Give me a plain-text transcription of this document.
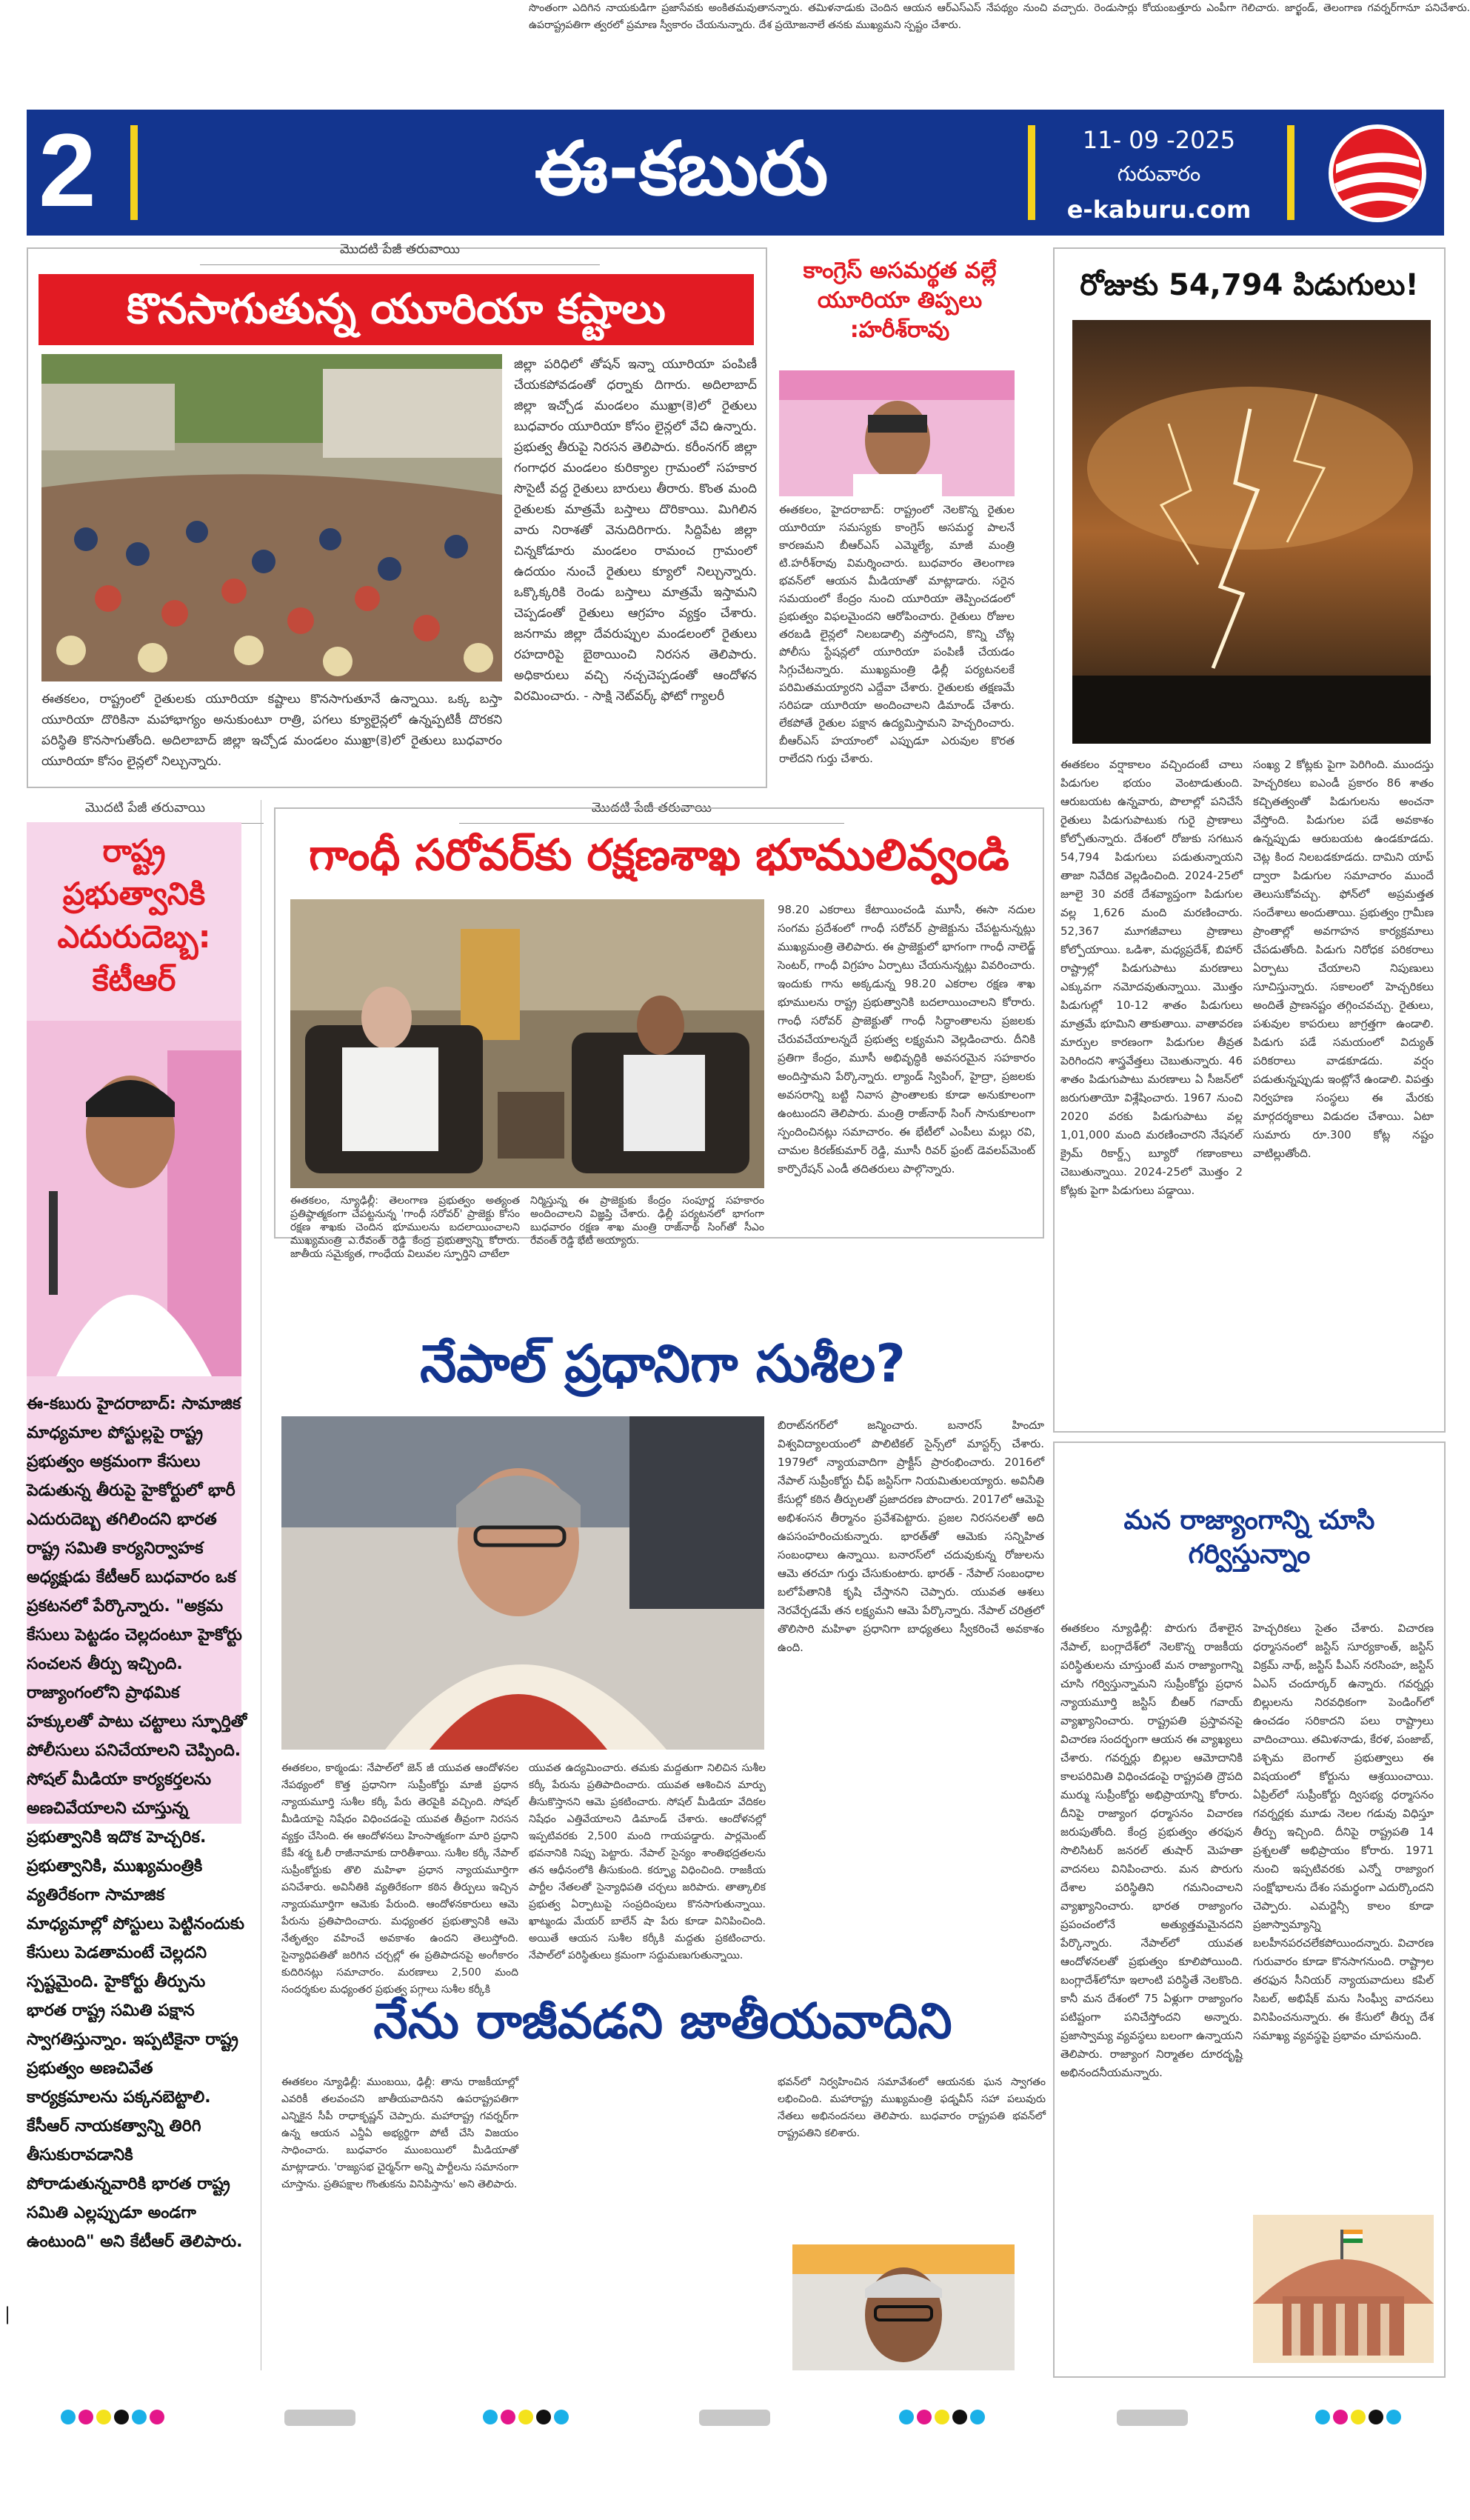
2	ఈ-కబురు	11- 09 -2025
గురువారం
e-kaburu.com
మొదటి పేజీ తరువాయి
కొనసాగుతున్న యూరియా కష్టాలు
ఈతకలం, రాష్ట్రంలో రైతులకు యూరియా కష్టాలు కొనసాగుతూనే ఉన్నాయి. ఒక్క బస్తా యూరియా దొరికినా మహాభాగ్యం అనుకుంటూ రాత్రి, పగలు క్యూలైన్లలో ఉన్నప్పటికీ దొరకని పరిస్థితి కొనసాగుతోంది. అదిలాబాద్ జిల్లా ఇచ్చోడ మండలం ముఖ్రా(కె)లో రైతులు బుధవారం యూరియా కోసం లైన్లలో నిల్చున్నారు.
జిల్లా పరిధిలో తోషన్ ఇన్నా యూరియా పంపిణీ చేయకపోవడంతో ధర్నాకు దిగారు. అదిలాబాద్ జిల్లా ఇచ్చోడ మండలం ముఖ్రా(కె)లో రైతులు బుధవారం యూరియా కోసం లైన్లలో వేచి ఉన్నారు. ప్రభుత్వ తీరుపై నిరసన తెలిపారు. కరీంనగర్ జిల్లా గంగాధర మండలం కురిక్యాల గ్రామంలో సహకార సొసైటీ వద్ద రైతులు బారులు తీరారు. కొంత మంది రైతులకు మాత్రమే బస్తాలు దొరికాయి. మిగిలిన వారు నిరాశతో వెనుదిరిగారు. సిద్దిపేట జిల్లా చిన్నకోడూరు మండలం రామంచ గ్రామంలో ఉదయం నుంచే రైతులు క్యూలో నిల్చున్నారు. ఒక్కొక్కరికి రెండు బస్తాలు మాత్రమే ఇస్తామని చెప్పడంతో రైతులు ఆగ్రహం వ్యక్తం చేశారు. జనగామ జిల్లా దేవరుప్పుల మండలంలో రైతులు రహదారిపై బైఠాయించి నిరసన తెలిపారు. అధికారులు వచ్చి నచ్చచెప్పడంతో ఆందోళన విరమించారు. - సాక్షి నెట్‌వర్క్ ఫోటో గ్యాలరీ
కాంగ్రెస్ అసమర్థత వల్లే యూరియా తిప్పలు :హరీశ్‌రావు
ఈతకలం, హైదరాబాద్: రాష్ట్రంలో నెలకొన్న రైతుల యూరియా సమస్యకు కాంగ్రెస్ అసమర్థ పాలనే కారణమని బీఆర్‌ఎస్ ఎమ్మెల్యే, మాజీ మంత్రి టి.హరీశ్‌రావు విమర్శించారు. బుధవారం తెలంగాణ భవన్‌లో ఆయన మీడియాతో మాట్లాడారు. సరైన సమయంలో కేంద్రం నుంచి యూరియా తెప్పించడంలో ప్రభుత్వం విఫలమైందని ఆరోపించారు. రైతులు రోజుల తరబడి లైన్లలో నిలబడాల్సి వస్తోందని, కొన్ని చోట్ల పోలీసు స్టేషన్లలో యూరియా పంపిణీ చేయడం సిగ్గుచేటన్నారు. ముఖ్యమంత్రి ఢిల్లీ పర్యటనలకే పరిమితమయ్యారని ఎద్దేవా చేశారు. రైతులకు తక్షణమే సరిపడా యూరియా అందించాలని డిమాండ్ చేశారు. లేకపోతే రైతుల పక్షాన ఉద్యమిస్తామని హెచ్చరించారు. బీఆర్‌ఎస్ హయాంలో ఎప్పుడూ ఎరువుల కొరత రాలేదని గుర్తు చేశారు.
రోజుకు 54,794 పిడుగులు!
ఈతకలం వర్షాకాలం వచ్చిందంటే చాలు పిడుగుల భయం వెంటాడుతుంది. ఆరుబయట ఉన్నవారు, పొలాల్లో పనిచేసే రైతులు పిడుగుపాటుకు గురై ప్రాణాలు కోల్పోతున్నారు. దేశంలో రోజుకు సగటున 54,794 పిడుగులు పడుతున్నాయని తాజా నివేదిక వెల్లడించింది. 2024-25లో జూలై 30 వరకే దేశవ్యాప్తంగా పిడుగుల వల్ల 1,626 మంది మరణించారు. 52,367 మూగజీవాలు ప్రాణాలు కోల్పోయాయి. ఒడిశా, మధ్యప్రదేశ్, బిహార్ రాష్ట్రాల్లో పిడుగుపాటు మరణాలు ఎక్కువగా నమోదవుతున్నాయి. మొత్తం పిడుగుల్లో 10-12 శాతం పిడుగులు మాత్రమే భూమిని తాకుతాయి. వాతావరణ మార్పుల కారణంగా పిడుగుల తీవ్రత పెరిగిందని శాస్త్రవేత్తలు చెబుతున్నారు. 46 శాతం పిడుగుపాటు మరణాలు ఏ సీజన్‌లో జరుగుతాయో విశ్లేషించారు. 1967 నుంచి 2020 వరకు పిడుగుపాటు వల్ల 1,01,000 మంది మరణించారని నేషనల్ క్రైమ్ రికార్డ్స్ బ్యూరో గణాంకాలు చెబుతున్నాయి. 2024-25లో మొత్తం 2 కోట్లకు పైగా పిడుగులు పడ్డాయి.
సంఖ్య 2 కోట్లకు పైగా పెరిగింది. ముందస్తు హెచ్చరికలు ఐఎండీ ప్రకారం 86 శాతం కచ్చితత్వంతో పిడుగులను అంచనా వేస్తోంది. పిడుగుల పడే అవకాశం ఉన్నప్పుడు ఆరుబయట ఉండకూడదు. చెట్ల కింద నిలబడకూడదు. దామిని యాప్ ద్వారా పిడుగుల సమాచారం ముందే తెలుసుకోవచ్చు. ఫోన్‌లో అప్రమత్తత సందేశాలు అందుతాయి. ప్రభుత్వం గ్రామీణ ప్రాంతాల్లో అవగాహన కార్యక్రమాలు చేపడుతోంది. పిడుగు నిరోధక పరికరాలు ఏర్పాటు చేయాలని నిపుణులు సూచిస్తున్నారు. సకాలంలో హెచ్చరికలు అందితే ప్రాణనష్టం తగ్గించవచ్చు. రైతులు, పశువుల కాపరులు జాగ్రత్తగా ఉండాలి. పిడుగు పడే సమయంలో విద్యుత్ పరికరాలు వాడకూడదు. వర్షం పడుతున్నప్పుడు ఇంట్లోనే ఉండాలి. విపత్తు నిర్వహణ సంస్థలు ఈ మేరకు మార్గదర్శకాలు విడుదల చేశాయి. ఏటా సుమారు రూ.300 కోట్ల నష్టం వాటిల్లుతోంది.
మొదటి పేజీ తరువాయి
రాష్ట్ర ప్రభుత్వానికి ఎదురుదెబ్బ: కేటీఆర్
ఈ-కబురు హైదరాబాద్: సామాజిక మాధ్యమాల పోస్టుల్లపై రాష్ట్ర ప్రభుత్వం అక్రమంగా కేసులు పెడుతున్న తీరుపై హైకోర్టులో భారీ ఎదురుదెబ్బ తగిలిందని భారత రాష్ట్ర సమితి కార్యనిర్వాహక అధ్యక్షుడు కేటీఆర్ బుధవారం ఒక ప్రకటనలో పేర్కొన్నారు. "అక్రమ కేసులు పెట్టడం చెల్లదంటూ హైకోర్టు సంచలన తీర్పు ఇచ్చింది. రాజ్యాంగంలోని ప్రాథమిక హక్కులతో పాటు చట్టాలు స్ఫూర్తితో పోలీసులు పనిచేయాలని చెప్పింది. సోషల్ మీడియా కార్యకర్తలను అణచివేయాలని చూస్తున్న ప్రభుత్వానికి ఇదొక హెచ్చరిక. ప్రభుత్వానికి, ముఖ్యమంత్రికి వ్యతిరేకంగా సామాజిక మాధ్యమాల్లో పోస్టులు పెట్టినందుకు కేసులు పెడతామంటే చెల్లదని స్పష్టమైంది. హైకోర్టు తీర్పును భారత రాష్ట్ర సమితి పక్షాన స్వాగతిస్తున్నాం. ఇప్పటికైనా రాష్ట్ర ప్రభుత్వం అణచివేత కార్యక్రమాలను పక్కనబెట్టాలి. కేసీఆర్ నాయకత్వాన్ని తిరిగి తీసుకురావడానికి పోరాడుతున్నవారికి భారత రాష్ట్ర సమితి ఎల్లప్పుడూ అండగా ఉంటుంది" అని కేటీఆర్ తెలిపారు.
మొదటి పేజీ తరువాయి
గాంధీ సరోవర్‌కు రక్షణశాఖ భూములివ్వండి
98.20 ఎకరాలు కేటాయించండి మూసీ, ఈసా నదుల సంగమ ప్రదేశంలో గాంధీ సరోవర్ ప్రాజెక్టును చేపట్టనున్నట్లు ముఖ్యమంత్రి తెలిపారు. ఈ ప్రాజెక్టులో భాగంగా గాంధీ నాలెడ్జ్ సెంటర్, గాంధీ విగ్రహం ఏర్పాటు చేయనున్నట్లు వివరించారు. ఇందుకు గాను అక్కడున్న 98.20 ఎకరాల రక్షణ శాఖ భూములను రాష్ట్ర ప్రభుత్వానికి బదలాయించాలని కోరారు. గాంధీ సరోవర్ ప్రాజెక్టుతో గాంధీ సిద్ధాంతాలను ప్రజలకు చేరువచేయాలన్నదే ప్రభుత్వ లక్ష్యమని వెల్లడించారు. దీనికి ప్రతిగా కేంద్రం, మూసీ అభివృద్ధికి అవసరమైన సహకారం అందిస్తామని పేర్కొన్నారు. ల్యాండ్ స్విపింగ్, హైద్రా, ప్రజలకు అవసరాన్ని బట్టి నివాస ప్రాంతాలకు కూడా అనుకూలంగా ఉంటుందని తెలిపారు. మంత్రి రాజ్‌నాథ్ సింగ్ సానుకూలంగా స్పందించినట్లు సమాచారం. ఈ భేటీలో ఎంపీలు మల్లు రవి, చామల కిరణ్‌కుమార్ రెడ్డి, మూసీ రివర్ ఫ్రంట్ డెవలప్‌మెంట్ కార్పొరేషన్ ఎండీ తదితరులు పాల్గొన్నారు.
ఈతకలం, న్యూఢిల్లీ: తెలంగాణ ప్రభుత్వం అత్యంత ప్రతిష్ఠాత్మకంగా చేపట్టనున్న 'గాంధీ సరోవర్' ప్రాజెక్టు కోసం రక్షణ శాఖకు చెందిన భూములను బదలాయించాలని ముఖ్యమంత్రి ఎ.రేవంత్ రెడ్డి కేంద్ర ప్రభుత్వాన్ని కోరారు. జాతీయ సమైక్యత, గాంధేయ విలువల స్ఫూర్తిని చాటేలా
నిర్మిస్తున్న ఈ ప్రాజెక్టుకు కేంద్రం సంపూర్ణ సహకారం అందించాలని విజ్ఞప్తి చేశారు. ఢిల్లీ పర్యటనలో భాగంగా బుధవారం రక్షణ శాఖ మంత్రి రాజ్‌నాథ్ సింగ్‌తో సీఎం రేవంత్ రెడ్డి భేటీ అయ్యారు.
నేపాల్ ప్రధానిగా సుశీల?
బిరాట్‌నగర్‌లో జన్మించారు. బనారస్ హిందూ విశ్వవిద్యాలయంలో పొలిటికల్ సైన్స్‌లో మాస్టర్స్ చేశారు. 1979లో న్యాయవాదిగా ప్రాక్టీస్ ప్రారంభించారు. 2016లో నేపాల్ సుప్రీంకోర్టు చీఫ్ జస్టిస్‌గా నియమితులయ్యారు. అవినీతి కేసుల్లో కఠిన తీర్పులతో ప్రజాదరణ పొందారు. 2017లో ఆమెపై అభిశంసన తీర్మానం ప్రవేశపెట్టారు. ప్రజల నిరసనలతో అది ఉపసంహరించుకున్నారు. భారత్‌తో ఆమెకు సన్నిహిత సంబంధాలు ఉన్నాయి. బనారస్‌లో చదువుకున్న రోజులను ఆమె తరచూ గుర్తు చేసుకుంటారు. భారత్ - నేపాల్ సంబంధాల బలోపేతానికి కృషి చేస్తానని చెప్పారు. యువత ఆశలు నెరవేర్చడమే తన లక్ష్యమని ఆమె పేర్కొన్నారు. నేపాల్ చరిత్రలో తొలిసారి మహిళా ప్రధానిగా బాధ్యతలు స్వీకరించే అవకాశం ఉంది.
ఈతకలం, కాఠ్మండు: నేపాల్‌లో జెన్ జీ యువత ఆందోళనల నేపథ్యంలో కొత్త ప్రధానిగా సుప్రీంకోర్టు మాజీ ప్రధాన న్యాయమూర్తి సుశీల కర్కీ పేరు తెరపైకి వచ్చింది. సోషల్ మీడియాపై నిషేధం విధించడంపై యువత తీవ్రంగా నిరసన వ్యక్తం చేసింది. ఈ ఆందోళనలు హింసాత్మకంగా మారి ప్రధాని కేపీ శర్మ ఓలీ రాజీనామాకు దారితీశాయి. సుశీల కర్కీ నేపాల్ సుప్రీంకోర్టుకు తొలి మహిళా ప్రధాన న్యాయమూర్తిగా పనిచేశారు. అవినీతికి వ్యతిరేకంగా కఠిన తీర్పులు ఇచ్చిన న్యాయమూర్తిగా ఆమెకు పేరుంది. ఆందోళనకారులు ఆమె పేరును ప్రతిపాదించారు. మధ్యంతర ప్రభుత్వానికి ఆమె నేతృత్వం వహించే అవకాశం ఉందని తెలుస్తోంది. సైన్యాధిపతితో జరిగిన చర్చల్లో ఈ ప్రతిపాదనపై అంగీకారం కుదిరినట్లు సమాచారం. మరణాలు 2,500 మంది సందర్శకుల మధ్యంతర ప్రభుత్వ పగ్గాలు సుశీల కర్కీకి
యువత ఉద్యమించారు. తమకు మద్దతుగా నిలిచిన సుశీల కర్కీ పేరును ప్రతిపాదించారు. యువత ఆశించిన మార్పు తీసుకొస్తానని ఆమె ప్రకటించారు. సోషల్ మీడియా వేదికల నిషేధం ఎత్తివేయాలని డిమాండ్ చేశారు. ఆందోళనల్లో ఇప్పటివరకు 2,500 మంది గాయపడ్డారు. పార్లమెంట్ భవనానికి నిప్పు పెట్టారు. నేపాల్ సైన్యం శాంతిభద్రతలను తన ఆధీనంలోకి తీసుకుంది. కర్ఫ్యూ విధించింది. రాజకీయ పార్టీల నేతలతో సైన్యాధిపతి చర్చలు జరిపారు. తాత్కాలిక ప్రభుత్వ ఏర్పాటుపై సంప్రదింపులు కొనసాగుతున్నాయి. ఖాట్మండు మేయర్ బాలేన్ షా పేరు కూడా వినిపించింది. అయితే ఆయన సుశీల కర్కీకి మద్దతు ప్రకటించారు. నేపాల్‌లో పరిస్థితులు క్రమంగా సద్దుమణుగుతున్నాయి.
నేను రాజీవడని జాతీయవాదిని
ఈతకలం న్యూఢిల్లీ: ముంబయి, ఢిల్లీ: తాను రాజకీయాల్లో ఎవరికీ తలవంచని జాతీయవాదినని ఉపరాష్ట్రపతిగా ఎన్నికైన సీపీ రాధాకృష్ణన్ చెప్పారు. మహారాష్ట్ర గవర్నర్‌గా ఉన్న ఆయన ఎన్డీఏ అభ్యర్థిగా పోటీ చేసి విజయం సాధించారు. బుధవారం ముంబయిలో మీడియాతో మాట్లాడారు. 'రాజ్యసభ చైర్మన్‌గా అన్ని పార్టీలను సమానంగా చూస్తాను. ప్రతిపక్షాల గొంతుకను వినిపిస్తాను' అని తెలిపారు.
సొంతంగా ఎదిగిన నాయకుడిగా ప్రజాసేవకు అంకితమవుతానన్నారు. తమిళనాడుకు చెందిన ఆయన ఆర్ఎస్ఎస్ నేపథ్యం నుంచి వచ్చారు. రెండుసార్లు కోయంబత్తూరు ఎంపీగా గెలిచారు. జార్ఖండ్, తెలంగాణ గవర్నర్‌గానూ పనిచేశారు. ఉపరాష్ట్రపతిగా త్వరలో ప్రమాణ స్వీకారం చేయనున్నారు. దేశ ప్రయోజనాలే తనకు ముఖ్యమని స్పష్టం చేశారు.
భవన్‌లో నిర్వహించిన సమావేశంలో ఆయనకు ఘన స్వాగతం లభించింది. మహారాష్ట్ర ముఖ్యమంత్రి ఫడ్నవీస్ సహా పలువురు నేతలు అభినందనలు తెలిపారు. బుధవారం రాష్ట్రపతి భవన్‌లో రాష్ట్రపతిని కలిశారు.
మన రాజ్యాంగాన్ని చూసి గర్విస్తున్నాం
ఈతకలం న్యూఢిల్లీ: పొరుగు దేశాలైన నేపాల్, బంగ్లాదేశ్‌లో నెలకొన్న రాజకీయ పరిస్థితులను చూస్తుంటే మన రాజ్యాంగాన్ని చూసి గర్విస్తున్నామని సుప్రీంకోర్టు ప్రధాన న్యాయమూర్తి జస్టిస్ బీఆర్ గవాయ్ వ్యాఖ్యానించారు. రాష్ట్రపతి ప్రస్తావనపై విచారణ సందర్భంగా ఆయన ఈ వ్యాఖ్యలు చేశారు. గవర్నర్లు బిల్లుల ఆమోదానికి కాలపరిమితి విధించడంపై రాష్ట్రపతి ద్రౌపది ముర్ము సుప్రీంకోర్టు అభిప్రాయాన్ని కోరారు. దీనిపై రాజ్యాంగ ధర్మాసనం విచారణ జరుపుతోంది. కేంద్ర ప్రభుత్వం తరఫున సొలిసిటర్ జనరల్ తుషార్ మెహతా వాదనలు వినిపించారు. మన పొరుగు దేశాల పరిస్థితిని గమనించాలని వ్యాఖ్యానించారు. భారత రాజ్యాంగం ప్రపంచంలోనే అత్యుత్తమమైనదని పేర్కొన్నారు. నేపాల్‌లో యువత ఆందోళనలతో ప్రభుత్వం కూలిపోయింది. బంగ్లాదేశ్‌లోనూ ఇలాంటి పరిస్థితే నెలకొంది. కానీ మన దేశంలో 75 ఏళ్లుగా రాజ్యాంగం పటిష్టంగా పనిచేస్తోందని అన్నారు. ప్రజాస్వామ్య వ్యవస్థలు బలంగా ఉన్నాయని తెలిపారు. రాజ్యాంగ నిర్మాతల దూరదృష్టి అభినందనీయమన్నారు.
హెచ్చరికలు సైతం చేశారు. విచారణ ధర్మాసనంలో జస్టిస్ సూర్యకాంత్, జస్టిస్ విక్రమ్ నాథ్, జస్టిస్ పీఎస్ నరసింహ, జస్టిస్ ఏఎస్ చందూర్కర్ ఉన్నారు. గవర్నర్లు బిల్లులను నిరవధికంగా పెండింగ్‌లో ఉంచడం సరికాదని పలు రాష్ట్రాలు వాదించాయి. తమిళనాడు, కేరళ, పంజాబ్, పశ్చిమ బెంగాల్ ప్రభుత్వాలు ఈ విషయంలో కోర్టును ఆశ్రయించాయి. ఏప్రిల్‌లో సుప్రీంకోర్టు ద్విసభ్య ధర్మాసనం గవర్నర్లకు మూడు నెలల గడువు విధిస్తూ తీర్పు ఇచ్చింది. దీనిపై రాష్ట్రపతి 14 ప్రశ్నలతో అభిప్రాయం కోరారు. 1971 నుంచి ఇప్పటివరకు ఎన్నో రాజ్యాంగ సంక్షోభాలను దేశం సమర్థంగా ఎదుర్కొందని చెప్పారు. ఎమర్జెన్సీ కాలం కూడా ప్రజాస్వామ్యాన్ని బలహీనపరచలేకపోయిందన్నారు. విచారణ గురువారం కూడా కొనసాగనుంది. రాష్ట్రాల తరఫున సీనియర్ న్యాయవాదులు కపిల్ సిబల్, అభిషేక్ మను సింఘ్వీ వాదనలు వినిపించనున్నారు. ఈ కేసులో తీర్పు దేశ సమాఖ్య వ్యవస్థపై ప్రభావం చూపనుంది.
|
